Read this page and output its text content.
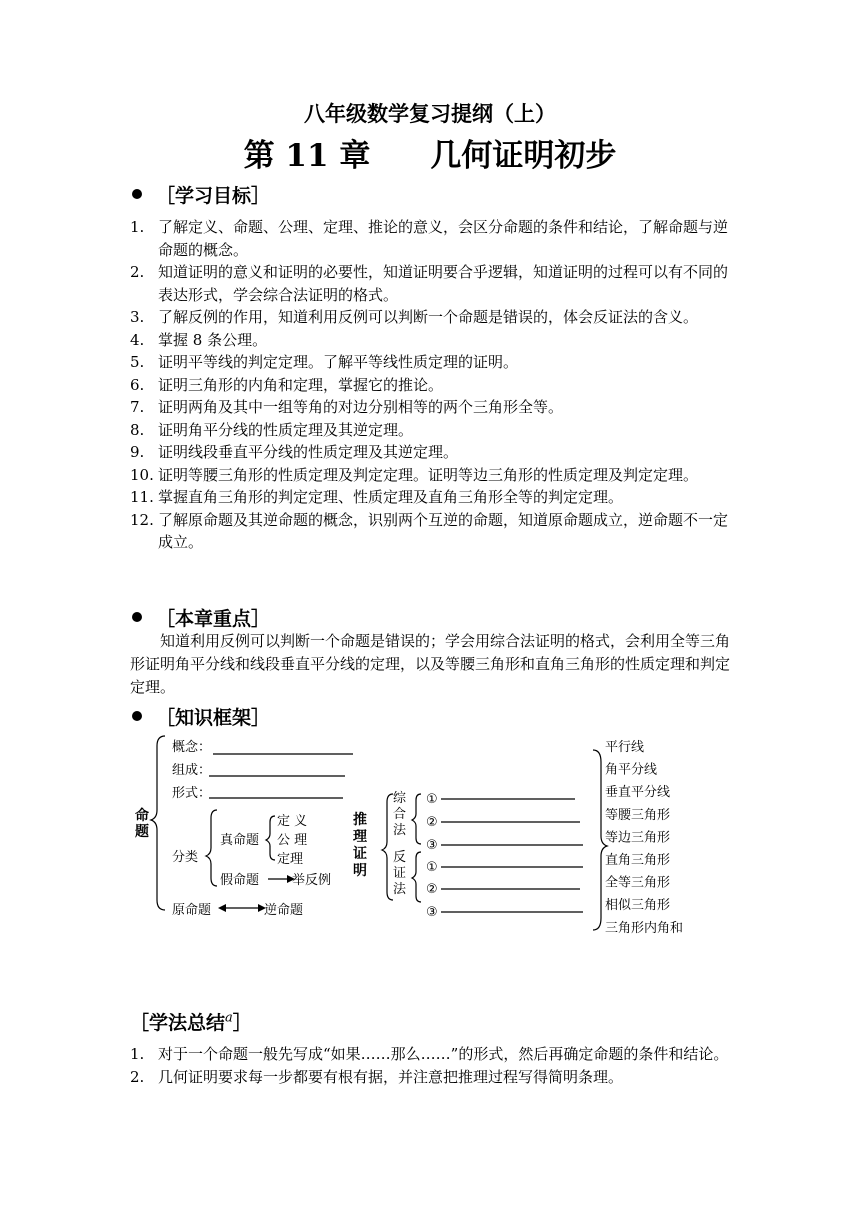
八年级数学复习提纲（上）
第 11 章 几何证明初步
［学习目标］
1. 了解定义、命题、公理、定理、推论的意义，会区分命题的条件和结论，了解命题与逆命题的概念。
2. 知道证明的意义和证明的必要性，知道证明要合乎逻辑，知道证明的过程可以有不同的表达形式，学会综合法证明的格式。
3. 了解反例的作用，知道利用反例可以判断一个命题是错误的，体会反证法的含义。
4. 掌握 8 条公理。
5. 证明平等线的判定定理。了解平等线性质定理的证明。
6. 证明三角形的内角和定理，掌握它的推论。
7. 证明两角及其中一组等角的对边分别相等的两个三角形全等。
8. 证明角平分线的性质定理及其逆定理。
9. 证明线段垂直平分线的性质定理及其逆定理。
10. 证明等腰三角形的性质定理及判定定理。证明等边三角形的性质定理及判定定理。
11. 掌握直角三角形的判定定理、性质定理及直角三角形全等的判定定理。
12. 了解原命题及其逆命题的概念，识别两个互逆的命题，知道原命题成立，逆命题不一定成立。
［本章重点］
知道利用反例可以判断一个命题是错误的；学会用综合法证明的格式，会利用全等三角形证明角平分线和线段垂直平分线的定理，以及等腰三角形和直角三角形的性质定理和判定定理。
［知识框架］
命
题
推
理
证
明
概念：
组成：
形式：
分类
真命题
定 义
公 理
定理
假命题	举反例
原命题	逆命题
综
合
法
反
证
法
①
②
③
①
②
③
平行线
角平分线
垂直平分线
等腰三角形
等边三角形
直角三角形
全等三角形
相似三角形
三角形内角和
［学法总结$^a$］
1. 对于一个命题一般先写成“如果……那么……”的形式，然后再确定命题的条件和结论。
2. 几何证明要求每一步都要有根有据，并注意把推理过程写得简明条理。
